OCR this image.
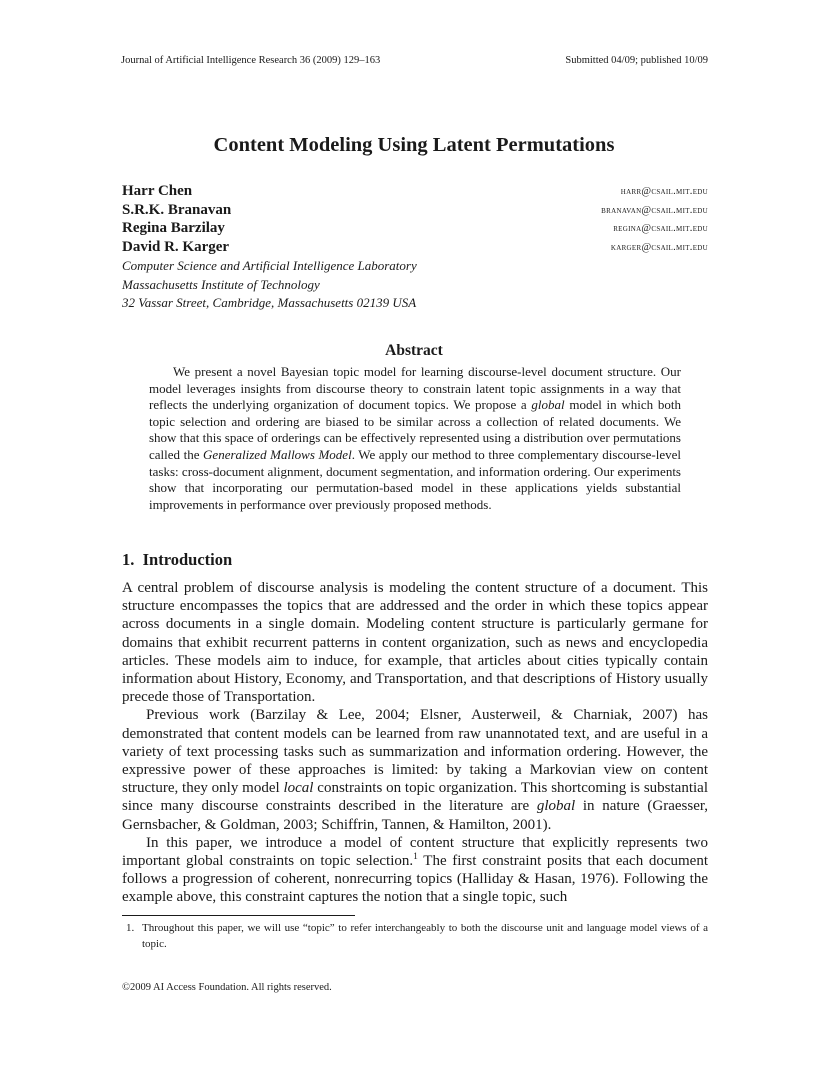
Journal of Artificial Intelligence Research 36 (2009) 129–163	Submitted 04/09; published 10/09
Content Modeling Using Latent Permutations
Harr Chen	harr@csail.mit.edu
S.R.K. Branavan	branavan@csail.mit.edu
Regina Barzilay	regina@csail.mit.edu
David R. Karger	karger@csail.mit.edu
Computer Science and Artificial Intelligence Laboratory
Massachusetts Institute of Technology
32 Vassar Street, Cambridge, Massachusetts 02139 USA
Abstract
We present a novel Bayesian topic model for learning discourse-level document structure. Our model leverages insights from discourse theory to constrain latent topic assignments in a way that reflects the underlying organization of document topics. We propose a global model in which both topic selection and ordering are biased to be similar across a collection of related documents. We show that this space of orderings can be effectively represented using a distribution over permutations called the Generalized Mallows Model. We apply our method to three complementary discourse-level tasks: cross-document alignment, document segmentation, and information ordering. Our experiments show that incorporating our permutation-based model in these applications yields substantial improvements in performance over previously proposed methods.
1. Introduction

A central problem of discourse analysis is modeling the content structure of a document. This structure encompasses the topics that are addressed and the order in which these topics appear across documents in a single domain. Modeling content structure is particularly germane for domains that exhibit recurrent patterns in content organization, such as news and encyclopedia articles. These models aim to induce, for example, that articles about cities typically contain information about History, Economy, and Transportation, and that descriptions of History usually precede those of Transportation.

Previous work (Barzilay & Lee, 2004; Elsner, Austerweil, & Charniak, 2007) has demonstrated that content models can be learned from raw unannotated text, and are useful in a variety of text processing tasks such as summarization and information ordering. However, the expressive power of these approaches is limited: by taking a Markovian view on content structure, they only model local constraints on topic organization. This shortcoming is substantial since many discourse constraints described in the literature are global in nature (Graesser, Gernsbacher, & Goldman, 2003; Schiffrin, Tannen, & Hamilton, 2001).

In this paper, we introduce a model of content structure that explicitly represents two important global constraints on topic selection.$^1$ The first constraint posits that each document follows a progression of coherent, nonrecurring topics (Halliday & Hasan, 1976). Following the example above, this constraint captures the notion that a single topic, such

1. Throughout this paper, we will use “topic” to refer interchangeably to both the discourse unit and language model views of a topic.
©2009 AI Access Foundation. All rights reserved.
